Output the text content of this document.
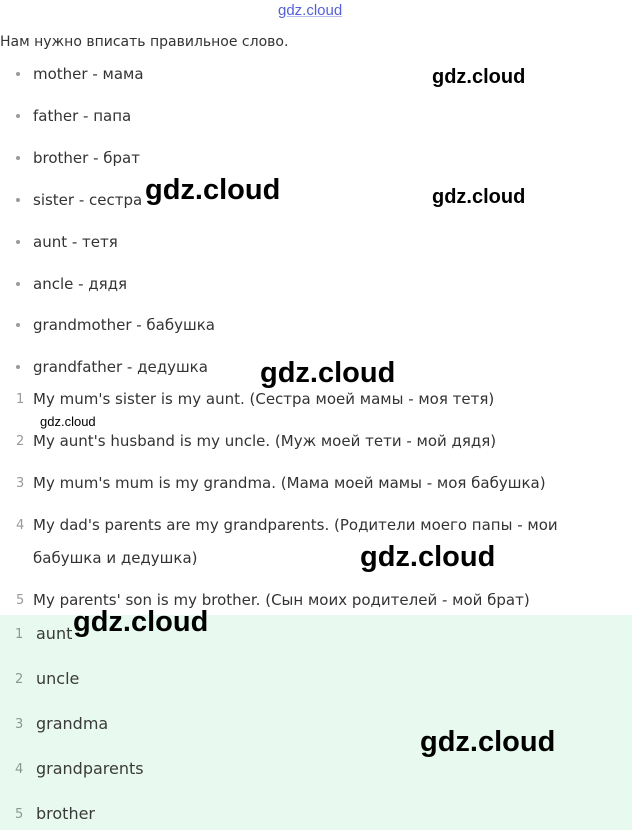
gdz.cloud
Нам нужно вписать правильное слово.
mother - мама
father - папа
brother - брат
sister - сестра
aunt - тетя
ancle - дядя
grandmother - бабушка
grandfather - дедушка
1 My mum's sister is my aunt. (Сестра моей мамы - моя тетя)
2 My aunt's husband is my uncle. (Муж моей тети - мой дядя)
3 My mum's mum is my grandma. (Мама моей мамы - моя бабушка)
4 My dad's parents are my grandparents. (Родители моего папы - мои
бабушка и дедушка)
5 My parents' son is my brother. (Сын моих родителей - мой брат)
1 aunt
2 uncle
3 grandma
4 grandparents
5 brother
gdz.cloud
gdz.cloud	gdz.cloud
gdz.cloud
gdz.cloud
gdz.cloud
gdz.cloud
gdz.cloud
